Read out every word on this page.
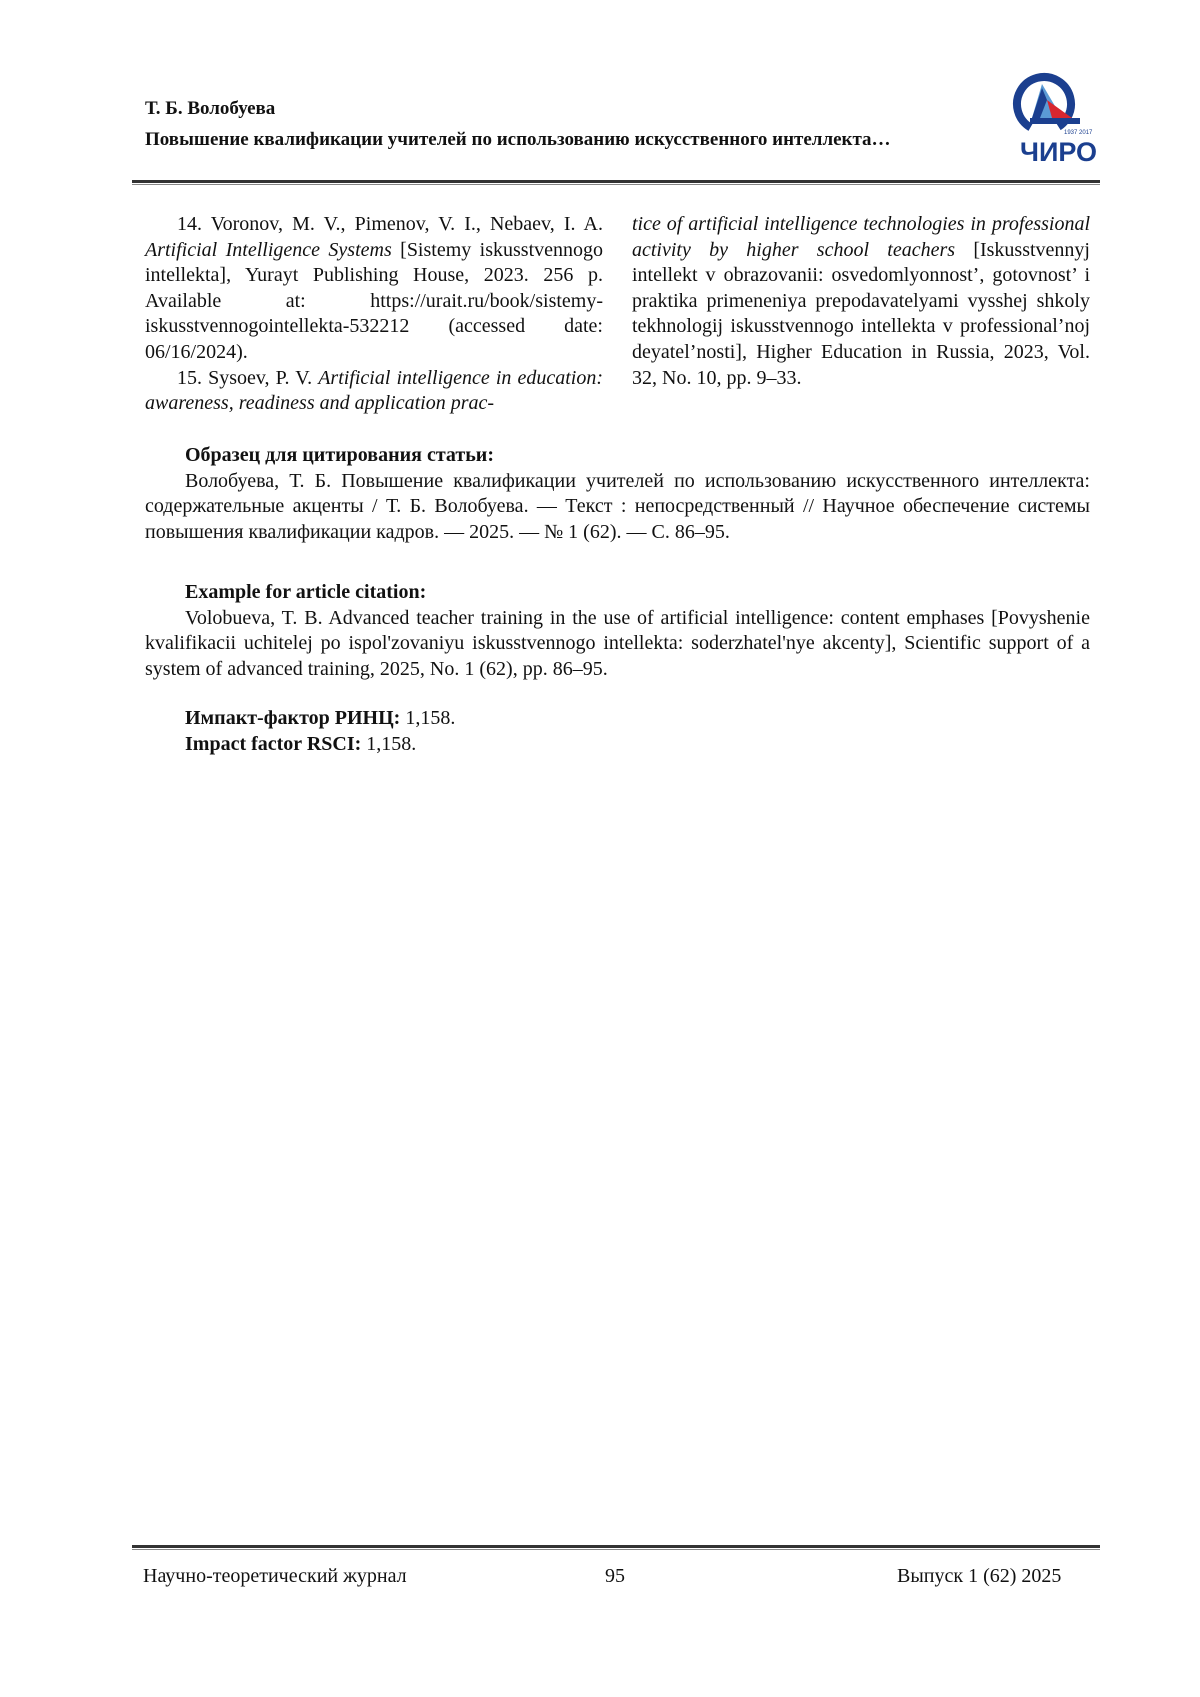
Т. Б. Волобуева
Повышение квалификации учителей по использованию искусственного интеллекта…	1937 2017
ЧИРО

14. Voronov, M. V., Pimenov, V. I., Nebaev, I. A. Artificial Intelligence Systems [Sistemy iskusstvennogo intellekta], Yurayt Publishing House, 2023. 256 p. Available at: https://urait.ru/book/sistemy-iskusstvennogointellekta-532212 (accessed date: 06/16/2024).

15. Sysoev, P. V. Artificial intelligence in education: awareness, readiness and application prac-

tice of artificial intelligence technologies in professional activity by higher school teachers [Iskusstvennyj intellekt v obrazovanii: osvedomlyonnost’, gotovnost’ i praktika primeneniya prepodavatelyami vysshej shkoly tekhnologij iskusstvennogo intellekta v professional’noj deyatel’nosti], Higher Education in Russia, 2023, Vol. 32, No. 10, pp. 9–33.

Образец для цитирования статьи:

Волобуева, Т. Б. Повышение квалификации учителей по использованию искусственного интеллекта: содержательные акценты / Т. Б. Волобуева. — Текст : непосредственный // Научное обеспечение системы повышения квалификации кадров. — 2025. — № 1 (62). — С. 86–95.

Example for article citation:

Volobueva, T. B. Advanced teacher training in the use of artificial intelligence: content emphases [Povyshenie kvalifikacii uchitelej po ispol'zovaniyu iskusstvennogo intellekta: soderzhatel'nye akcenty], Scientific support of a system of advanced training, 2025, No. 1 (62), pp. 86–95.

Импакт-фактор РИНЦ: 1,158.

Impact factor RSCI: 1,158.

Научно-теоретический журнал	95	Выпуск 1 (62) 2025
